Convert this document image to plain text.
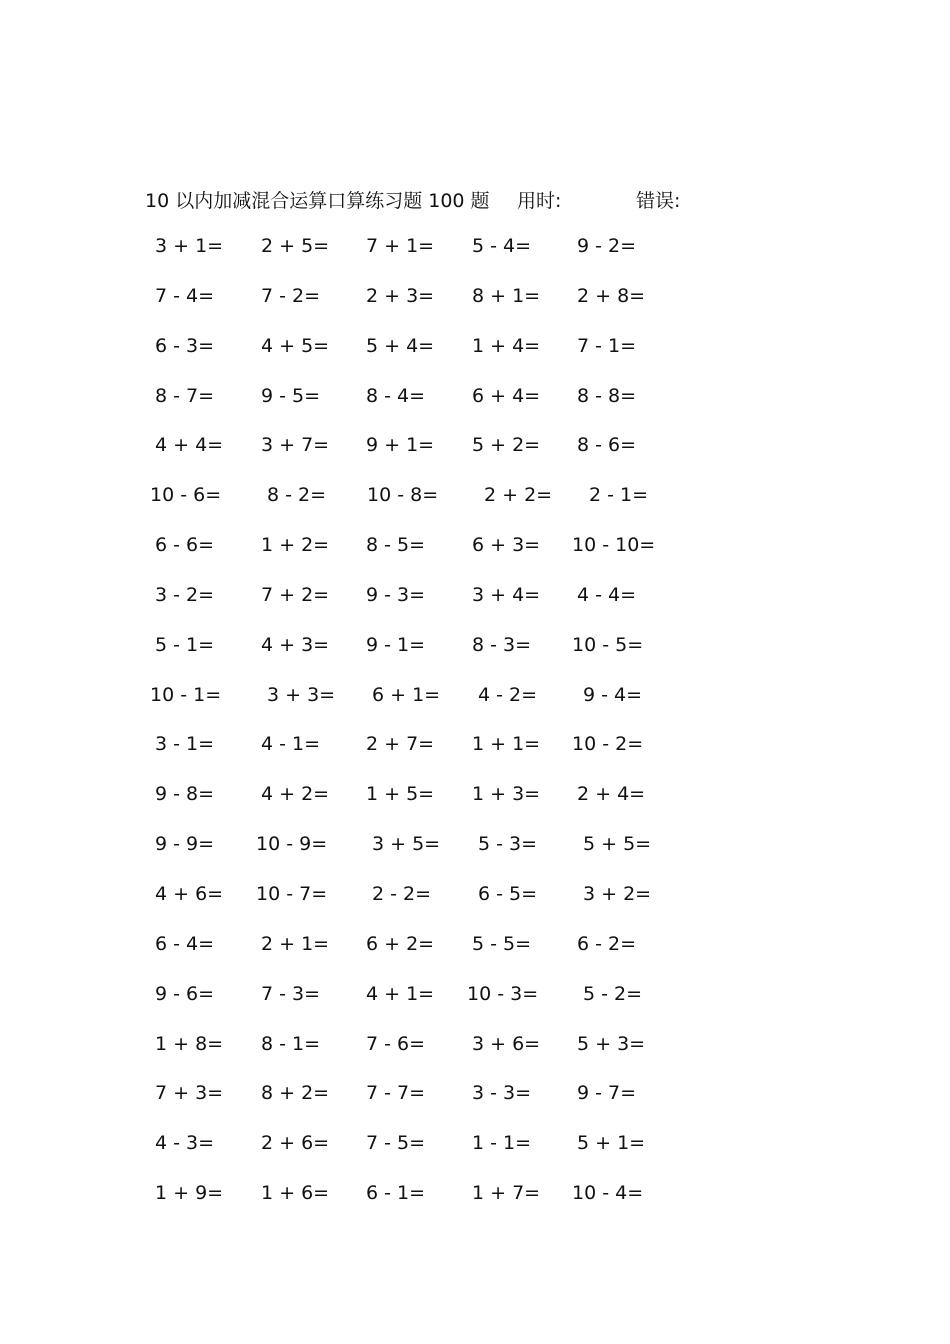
10 以内加减混合运算口算练习题 100 题 用时:	错误:
3 + 1= 2 + 5= 7 + 1= 5 - 4= 9 - 2=
7 - 4= 7 - 2= 2 + 3= 8 + 1= 2 + 8=
6 - 3= 4 + 5= 5 + 4= 1 + 4= 7 - 1=
8 - 7= 9 - 5= 8 - 4= 6 + 4= 8 - 8=
4 + 4= 3 + 7= 9 + 1= 5 + 2= 8 - 6=
10 - 6= 8 - 2= 10 - 8= 2 + 2= 2 - 1=
6 - 6= 1 + 2= 8 - 5= 6 + 3= 10 - 10=
3 - 2= 7 + 2= 9 - 3= 3 + 4= 4 - 4=
5 - 1= 4 + 3= 9 - 1= 8 - 3= 10 - 5=
10 - 1= 3 + 3= 6 + 1= 4 - 2= 9 - 4=
3 - 1= 4 - 1= 2 + 7= 1 + 1= 10 - 2=
9 - 8= 4 + 2= 1 + 5= 1 + 3= 2 + 4=
9 - 9= 10 - 9= 3 + 5= 5 - 3= 5 + 5=
4 + 6= 10 - 7= 2 - 2= 6 - 5= 3 + 2=
6 - 4= 2 + 1= 6 + 2= 5 - 5= 6 - 2=
9 - 6= 7 - 3= 4 + 1= 10 - 3= 5 - 2=
1 + 8= 8 - 1= 7 - 6= 3 + 6= 5 + 3=
7 + 3= 8 + 2= 7 - 7= 3 - 3= 9 - 7=
4 - 3= 2 + 6= 7 - 5= 1 - 1= 5 + 1=
1 + 9= 1 + 6= 6 - 1= 1 + 7= 10 - 4=
